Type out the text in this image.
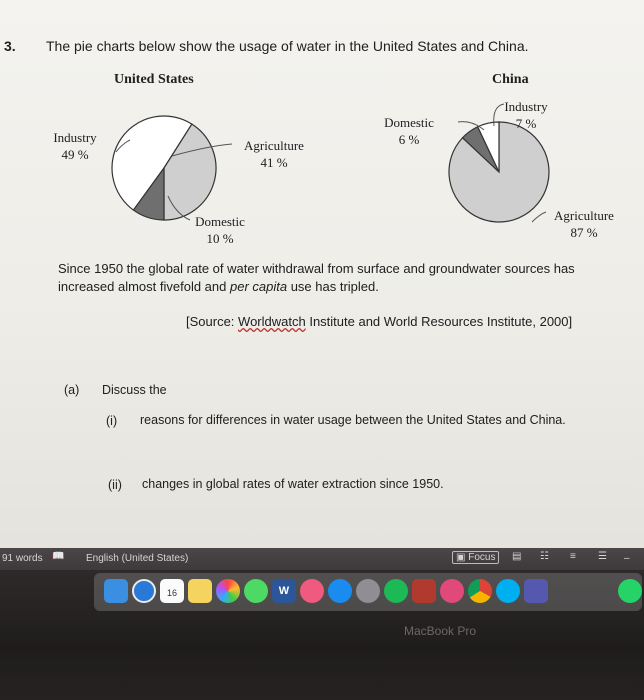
3. The pie charts below show the usage of water in the United States and China.
United States
Industry
49 %
Agriculture
41 %
Domestic
10 %
China
Domestic
6 %
Industry
7 %
Agriculture
87 %
Since 1950 the global rate of water withdrawal from surface and groundwater sources has increased almost fivefold and per capita use has tripled.
[Source: Worldwatch Institute and World Resources Institute, 2000]
(a) Discuss the
(i) reasons for differences in water usage between the United States and China.
(ii) changes in global rates of water extraction since 1950.
91 words 📖 English (United States)	▣ Focus	▤ ☷ ≡ ☰ –
16	W
MacBook Pro
